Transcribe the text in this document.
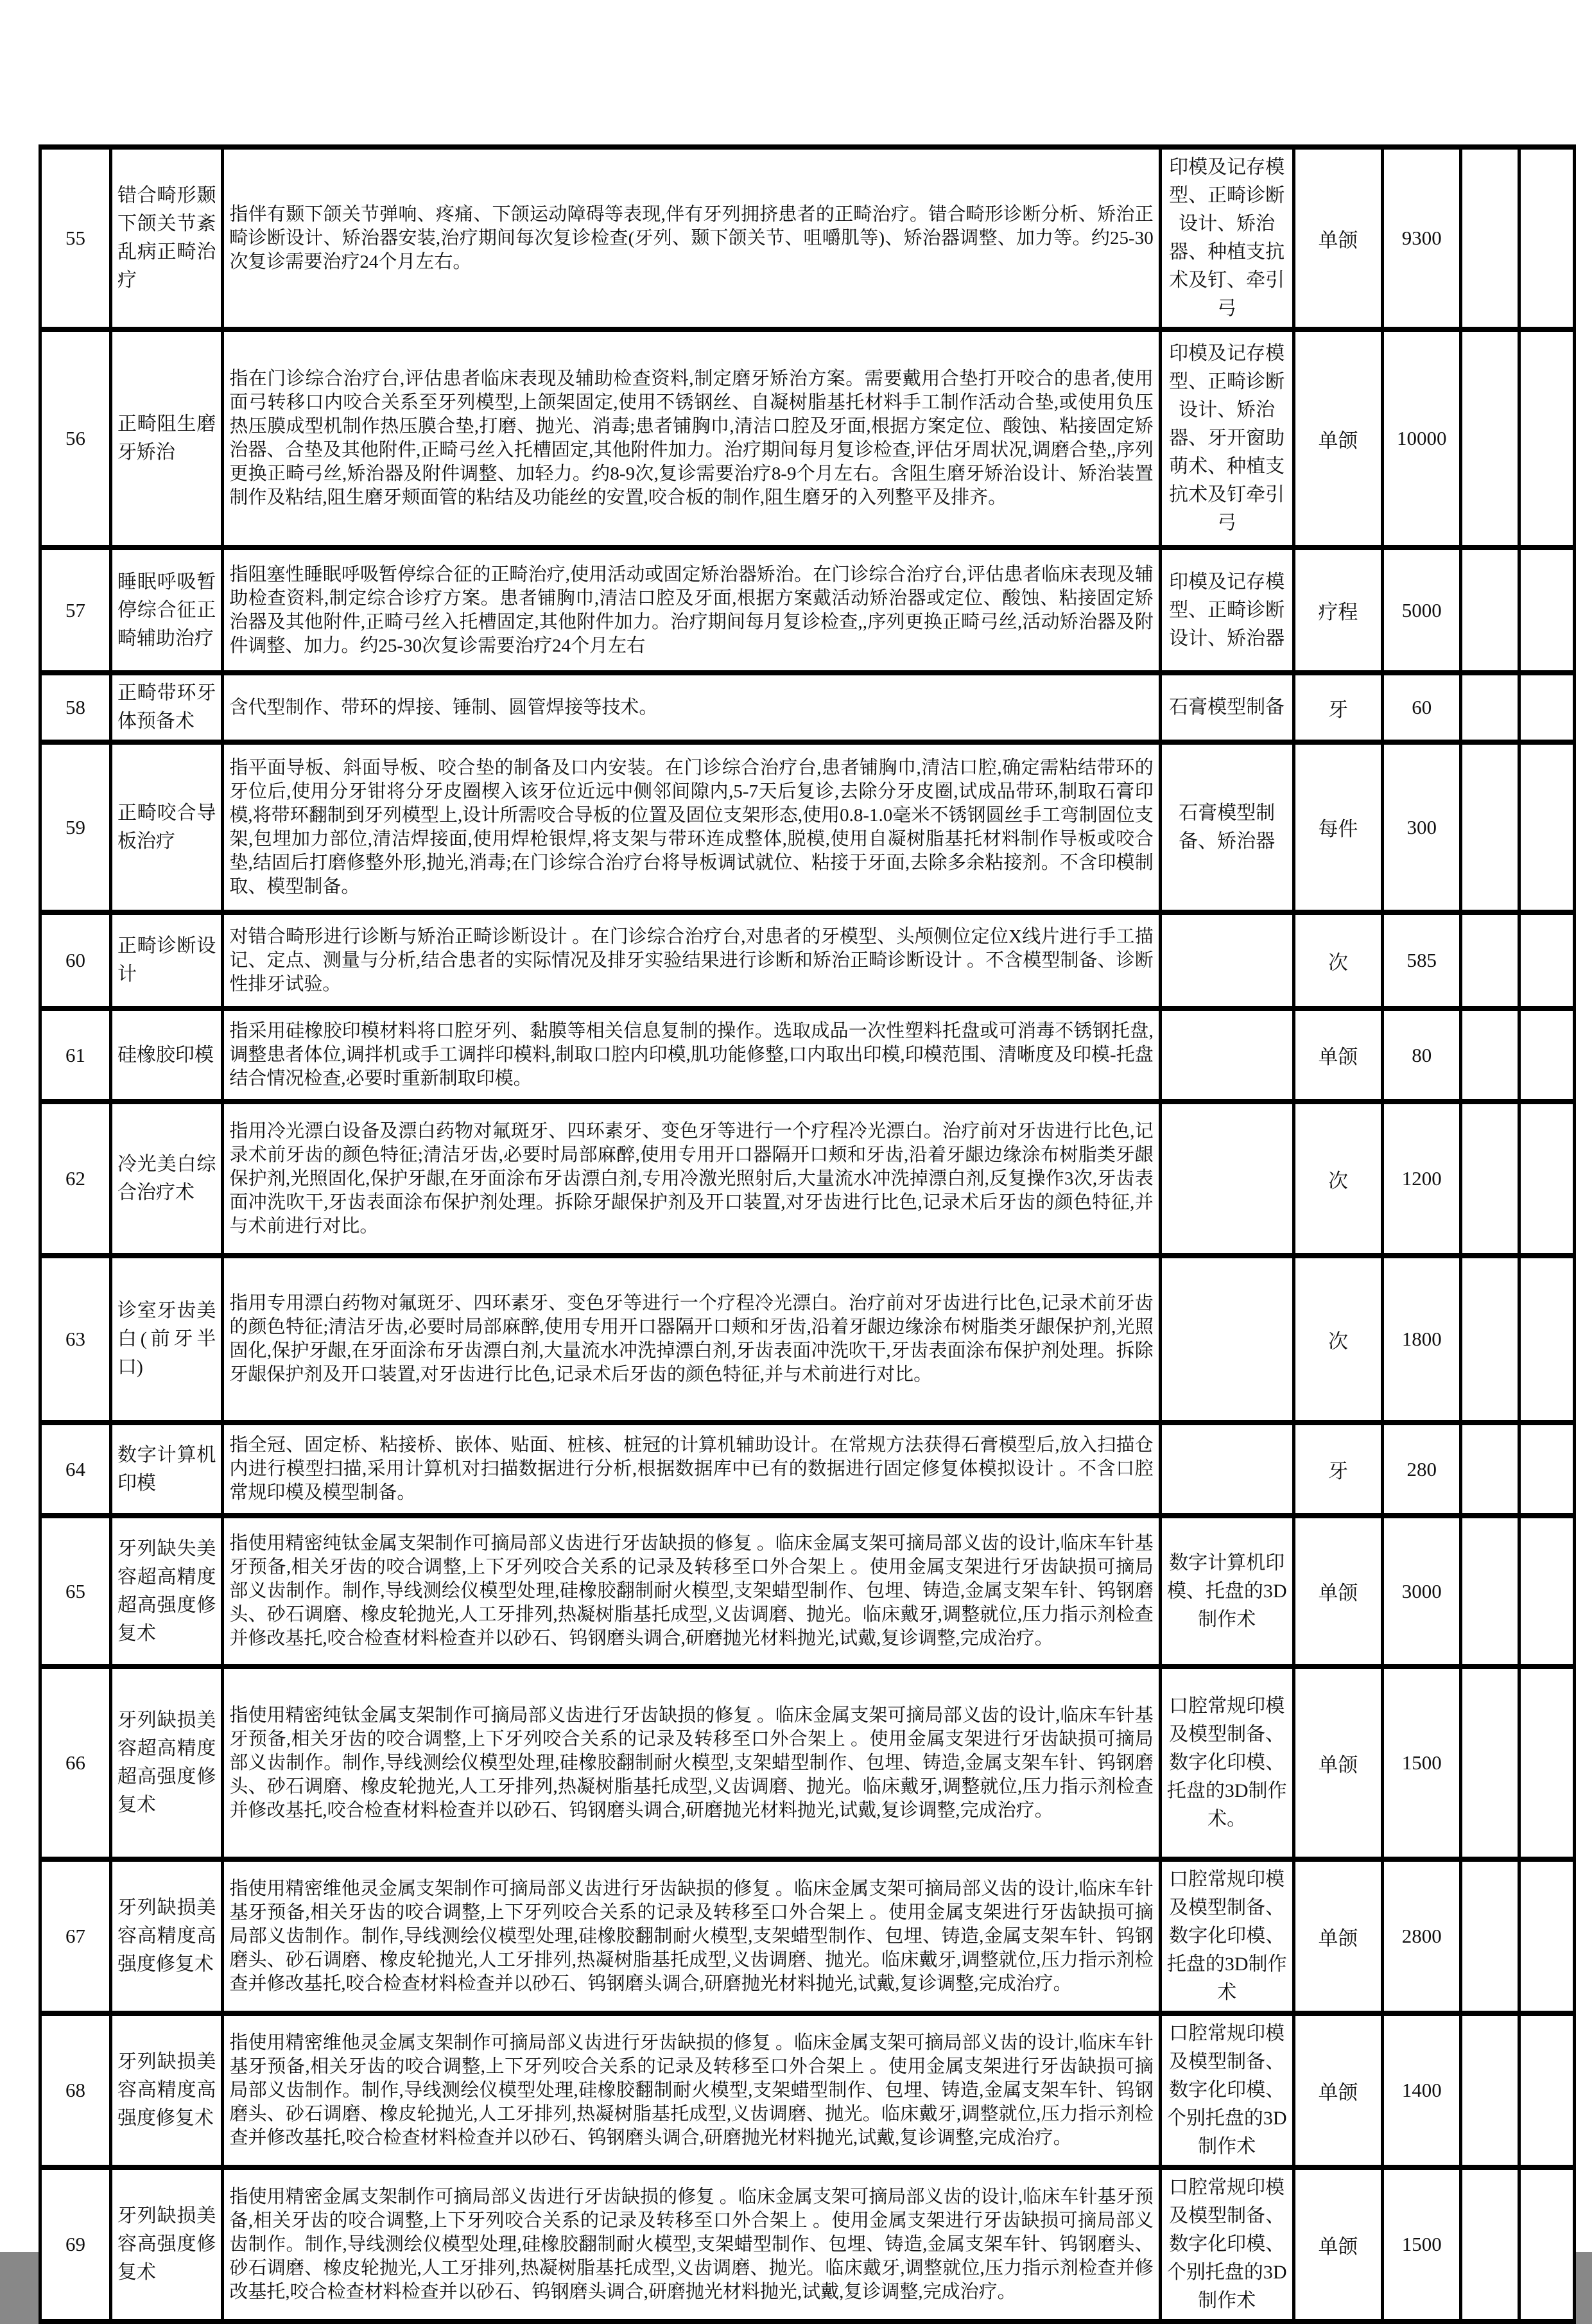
55	错合畸形颞下颌关节紊乱病正畸治疗	指伴有颞下颌关节弹响、疼痛、下颌运动障碍等表现,伴有牙列拥挤患者的正畸治疗。错合畸形诊断分析、矫治正畸诊断设计、矫治器安装,治疗期间每次复诊检查(牙列、颞下颌关节、咀嚼肌等)、矫治器调整、加力等。约25-30次复诊需要治疗24个月左右。	印模及记存模型、正畸诊断设计、矫治器、种植支抗术及钉、牵引弓	单颌	9300		
56	正畸阻生磨牙矫治	指在门诊综合治疗台,评估患者临床表现及辅助检查资料,制定磨牙矫治方案。需要戴用合垫打开咬合的患者,使用面弓转移口内咬合关系至牙列模型,上颌架固定,使用不锈钢丝、自凝树脂基托材料手工制作活动合垫,或使用负压热压膜成型机制作热压膜合垫,打磨、抛光、消毒;患者铺胸巾,清洁口腔及牙面,根据方案定位、酸蚀、粘接固定矫治器、合垫及其他附件,正畸弓丝入托槽固定,其他附件加力。治疗期间每月复诊检查,评估牙周状况,调磨合垫,,序列更换正畸弓丝,矫治器及附件调整、加轻力。约8-9次,复诊需要治疗8-9个月左右。含阻生磨牙矫治设计、矫治装置制作及粘结,阻生磨牙颊面管的粘结及功能丝的安置,咬合板的制作,阻生磨牙的入列整平及排齐。	印模及记存模型、正畸诊断设计、矫治器、牙开窗助萌术、种植支抗术及钉牵引弓	单颌	10000		
57	睡眠呼吸暂停综合征正畸辅助治疗	指阻塞性睡眠呼吸暂停综合征的正畸治疗,使用活动或固定矫治器矫治。在门诊综合治疗台,评估患者临床表现及辅助检查资料,制定综合诊疗方案。患者铺胸巾,清洁口腔及牙面,根据方案戴活动矫治器或定位、酸蚀、粘接固定矫治器及其他附件,正畸弓丝入托槽固定,其他附件加力。治疗期间每月复诊检查,,序列更换正畸弓丝,活动矫治器及附件调整、加力。约25-30次复诊需要治疗24个月左右	印模及记存模型、正畸诊断设计、矫治器	疗程	5000		
58	正畸带环牙体预备术	含代型制作、带环的焊接、锤制、圆管焊接等技术。	石膏模型制备	牙	60		
59	正畸咬合导板治疗	指平面导板、斜面导板、咬合垫的制备及口内安装。在门诊综合治疗台,患者铺胸巾,清洁口腔,确定需粘结带环的牙位后,使用分牙钳将分牙皮圈楔入该牙位近远中侧邻间隙内,5-7天后复诊,去除分牙皮圈,试成品带环,制取石膏印模,将带环翻制到牙列模型上,设计所需咬合导板的位置及固位支架形态,使用0.8-1.0毫米不锈钢圆丝手工弯制固位支架,包埋加力部位,清洁焊接面,使用焊枪银焊,将支架与带环连成整体,脱模,使用自凝树脂基托材料制作导板或咬合垫,结固后打磨修整外形,抛光,消毒;在门诊综合治疗台将导板调试就位、粘接于牙面,去除多余粘接剂。不含印模制取、模型制备。	石膏模型制备、矫治器	每件	300		
60	正畸诊断设计	对错合畸形进行诊断与矫治正畸诊断设计 。在门诊综合治疗台,对患者的牙模型、头颅侧位定位X线片进行手工描记、定点、测量与分析,结合患者的实际情况及排牙实验结果进行诊断和矫治正畸诊断设计 。不含模型制备、诊断性排牙试验。		次	585		
61	硅橡胶印模	指采用硅橡胶印模材料将口腔牙列、黏膜等相关信息复制的操作。选取成品一次性塑料托盘或可消毒不锈钢托盘,调整患者体位,调拌机或手工调拌印模料,制取口腔内印模,肌功能修整,口内取出印模,印模范围、清晰度及印模-托盘结合情况检查,必要时重新制取印模。		单颌	80		
62	冷光美白综合治疗术	指用冷光漂白设备及漂白药物对氟斑牙、四环素牙、变色牙等进行一个疗程冷光漂白。治疗前对牙齿进行比色,记录术前牙齿的颜色特征;清洁牙齿,必要时局部麻醉,使用专用开口器隔开口颊和牙齿,沿着牙龈边缘涂布树脂类牙龈保护剂,光照固化,保护牙龈,在牙面涂布牙齿漂白剂,专用冷激光照射后,大量流水冲洗掉漂白剂,反复操作3次,牙齿表面冲洗吹干,牙齿表面涂布保护剂处理。拆除牙龈保护剂及开口装置,对牙齿进行比色,记录术后牙齿的颜色特征,并与术前进行对比。		次	1200		
63	诊室牙齿美白(前牙半口)	指用专用漂白药物对氟斑牙、四环素牙、变色牙等进行一个疗程冷光漂白。治疗前对牙齿进行比色,记录术前牙齿的颜色特征;清洁牙齿,必要时局部麻醉,使用专用开口器隔开口颊和牙齿,沿着牙龈边缘涂布树脂类牙龈保护剂,光照固化,保护牙龈,在牙面涂布牙齿漂白剂,大量流水冲洗掉漂白剂,牙齿表面冲洗吹干,牙齿表面涂布保护剂处理。拆除牙龈保护剂及开口装置,对牙齿进行比色,记录术后牙齿的颜色特征,并与术前进行对比。		次	1800		
64	数字计算机印模	指全冠、固定桥、粘接桥、嵌体、贴面、桩核、桩冠的计算机辅助设计。在常规方法获得石膏模型后,放入扫描仓内进行模型扫描,采用计算机对扫描数据进行分析,根据数据库中已有的数据进行固定修复体模拟设计 。不含口腔常规印模及模型制备。		牙	280		
65	牙列缺失美容超高精度超高强度修复术	指使用精密纯钛金属支架制作可摘局部义齿进行牙齿缺损的修复 。临床金属支架可摘局部义齿的设计,临床车针基牙预备,相关牙齿的咬合调整,上下牙列咬合关系的记录及转移至口外合架上 。使用金属支架进行牙齿缺损可摘局部义齿制作。制作,导线测绘仪模型处理,硅橡胶翻制耐火模型,支架蜡型制作、包埋、铸造,金属支架车针、钨钢磨头、砂石调磨、橡皮轮抛光,人工牙排列,热凝树脂基托成型,义齿调磨、抛光。临床戴牙,调整就位,压力指示剂检查并修改基托,咬合检查材料检查并以砂石、钨钢磨头调合,研磨抛光材料抛光,试戴,复诊调整,完成治疗。	数字计算机印模、托盘的3D制作术	单颌	3000		
66	牙列缺损美容超高精度超高强度修复术	指使用精密纯钛金属支架制作可摘局部义齿进行牙齿缺损的修复 。临床金属支架可摘局部义齿的设计,临床车针基牙预备,相关牙齿的咬合调整,上下牙列咬合关系的记录及转移至口外合架上 。使用金属支架进行牙齿缺损可摘局部义齿制作。制作,导线测绘仪模型处理,硅橡胶翻制耐火模型,支架蜡型制作、包埋、铸造,金属支架车针、钨钢磨头、砂石调磨、橡皮轮抛光,人工牙排列,热凝树脂基托成型,义齿调磨、抛光。临床戴牙,调整就位,压力指示剂检查并修改基托,咬合检查材料检查并以砂石、钨钢磨头调合,研磨抛光材料抛光,试戴,复诊调整,完成治疗。	口腔常规印模及模型制备、数字化印模、托盘的3D制作术。	单颌	1500		
67	牙列缺损美容高精度高强度修复术	指使用精密维他灵金属支架制作可摘局部义齿进行牙齿缺损的修复 。临床金属支架可摘局部义齿的设计,临床车针基牙预备,相关牙齿的咬合调整,上下牙列咬合关系的记录及转移至口外合架上 。使用金属支架进行牙齿缺损可摘局部义齿制作。制作,导线测绘仪模型处理,硅橡胶翻制耐火模型,支架蜡型制作、包埋、铸造,金属支架车针、钨钢磨头、砂石调磨、橡皮轮抛光,人工牙排列,热凝树脂基托成型,义齿调磨、抛光。临床戴牙,调整就位,压力指示剂检查并修改基托,咬合检查材料检查并以砂石、钨钢磨头调合,研磨抛光材料抛光,试戴,复诊调整,完成治疗。	口腔常规印模及模型制备、数字化印模、托盘的3D制作术	单颌	2800		
68	牙列缺损美容高精度高强度修复术	指使用精密维他灵金属支架制作可摘局部义齿进行牙齿缺损的修复 。临床金属支架可摘局部义齿的设计,临床车针基牙预备,相关牙齿的咬合调整,上下牙列咬合关系的记录及转移至口外合架上 。使用金属支架进行牙齿缺损可摘局部义齿制作。制作,导线测绘仪模型处理,硅橡胶翻制耐火模型,支架蜡型制作、包埋、铸造,金属支架车针、钨钢磨头、砂石调磨、橡皮轮抛光,人工牙排列,热凝树脂基托成型,义齿调磨、抛光。临床戴牙,调整就位,压力指示剂检查并修改基托,咬合检查材料检查并以砂石、钨钢磨头调合,研磨抛光材料抛光,试戴,复诊调整,完成治疗。	口腔常规印模及模型制备、数字化印模、个别托盘的3D制作术	单颌	1400		
69	牙列缺损美容高强度修复术	指使用精密金属支架制作可摘局部义齿进行牙齿缺损的修复 。临床金属支架可摘局部义齿的设计,临床车针基牙预备,相关牙齿的咬合调整,上下牙列咬合关系的记录及转移至口外合架上 。使用金属支架进行牙齿缺损可摘局部义齿制作。制作,导线测绘仪模型处理,硅橡胶翻制耐火模型,支架蜡型制作、包埋、铸造,金属支架车针、钨钢磨头、砂石调磨、橡皮轮抛光,人工牙排列,热凝树脂基托成型,义齿调磨、抛光。临床戴牙,调整就位,压力指示剂检查并修改基托,咬合检查材料检查并以砂石、钨钢磨头调合,研磨抛光材料抛光,试戴,复诊调整,完成治疗。	口腔常规印模及模型制备、数字化印模、个别托盘的3D制作术	单颌	1500		
